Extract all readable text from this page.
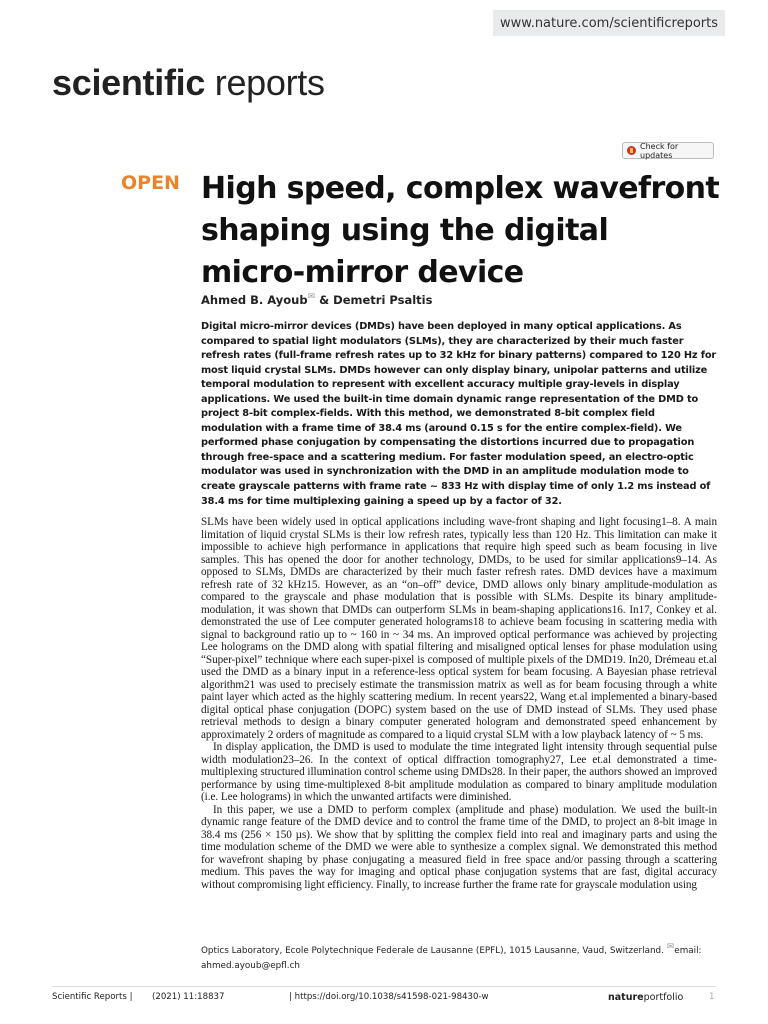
www.nature.com/scientificreports
scientific reports
Check for updates
OPEN High speed, complex wavefront shaping using the digital micro-mirror device
Ahmed B. Ayoub✉ & Demetri Psaltis
Digital micro-mirror devices (DMDs) have been deployed in many optical applications. As compared to spatial light modulators (SLMs), they are characterized by their much faster refresh rates (full-frame refresh rates up to 32 kHz for binary patterns) compared to 120 Hz for most liquid crystal SLMs. DMDs however can only display binary, unipolar patterns and utilize temporal modulation to represent with excellent accuracy multiple gray-levels in display applications. We used the built-in time domain dynamic range representation of the DMD to project 8-bit complex-fields. With this method, we demonstrated 8-bit complex field modulation with a frame time of 38.4 ms (around 0.15 s for the entire complex-field). We performed phase conjugation by compensating the distortions incurred due to propagation through free-space and a scattering medium. For faster modulation speed, an electro-optic modulator was used in synchronization with the DMD in an amplitude modulation mode to create grayscale patterns with frame rate ~ 833 Hz with display time of only 1.2 ms instead of 38.4 ms for time multiplexing gaining a speed up by a factor of 32.

SLMs have been widely used in optical applications including wave-front shaping and light focusing1–8. A main limitation of liquid crystal SLMs is their low refresh rates, typically less than 120 Hz. This limitation can make it impossible to achieve high performance in applications that require high speed such as beam focusing in live samples. This has opened the door for another technology, DMDs, to be used for similar applications9–14. As opposed to SLMs, DMDs are characterized by their much faster refresh rates. DMD devices have a maximum refresh rate of 32 kHz15. However, as an “on–off” device, DMD allows only binary amplitude-modulation as compared to the grayscale and phase modulation that is possible with SLMs. Despite its binary amplitude-modulation, it was shown that DMDs can outperform SLMs in beam-shaping applications16. In17, Conkey et al. demonstrated the use of Lee computer generated holograms18 to achieve beam focusing in scattering media with signal to background ratio up to ~ 160 in ~ 34 ms. An improved optical performance was achieved by projecting Lee holograms on the DMD along with spatial filtering and misaligned optical lenses for phase modulation using “Super-pixel” technique where each super-pixel is composed of multiple pixels of the DMD19. In20, Drémeau et.al used the DMD as a binary input in a reference-less optical system for beam focusing. A Bayesian phase retrieval algorithm21 was used to precisely estimate the transmission matrix as well as for beam focusing through a white paint layer which acted as the highly scattering medium. In recent years22, Wang et.al implemented a binary-based digital optical phase conjugation (DOPC) system based on the use of DMD instead of SLMs. They used phase retrieval methods to design a binary computer generated hologram and demonstrated speed enhancement by approximately 2 orders of magnitude as compared to a liquid crystal SLM with a low playback latency of ~ 5 ms.

In display application, the DMD is used to modulate the time integrated light intensity through sequential pulse width modulation23–26. In the context of optical diffraction tomography27, Lee et.al demonstrated a time-multiplexing structured illumination control scheme using DMDs28. In their paper, the authors showed an improved performance by using time-multiplexed 8-bit amplitude modulation as compared to binary amplitude modulation (i.e. Lee holograms) in which the unwanted artifacts were diminished.

In this paper, we use a DMD to perform complex (amplitude and phase) modulation. We used the built-in dynamic range feature of the DMD device and to control the frame time of the DMD, to project an 8-bit image in 38.4 ms (256 × 150 µs). We show that by splitting the complex field into real and imaginary parts and using the time modulation scheme of the DMD we were able to synthesize a complex signal. We demonstrated this method for wavefront shaping by phase conjugating a measured field in free space and/or passing through a scattering medium. This paves the way for imaging and optical phase conjugation systems that are fast, digital accuracy without compromising light efficiency. Finally, to increase further the frame rate for grayscale modulation using

Optics Laboratory, Ecole Polytechnique Federale de Lausanne (EPFL), 1015 Lausanne, Vaud, Switzerland. ✉email:
ahmed.ayoub@epfl.ch
Scientific Reports | (2021) 11:18837	| https://doi.org/10.1038/s41598-021-98430-w	natureportfolio	1
